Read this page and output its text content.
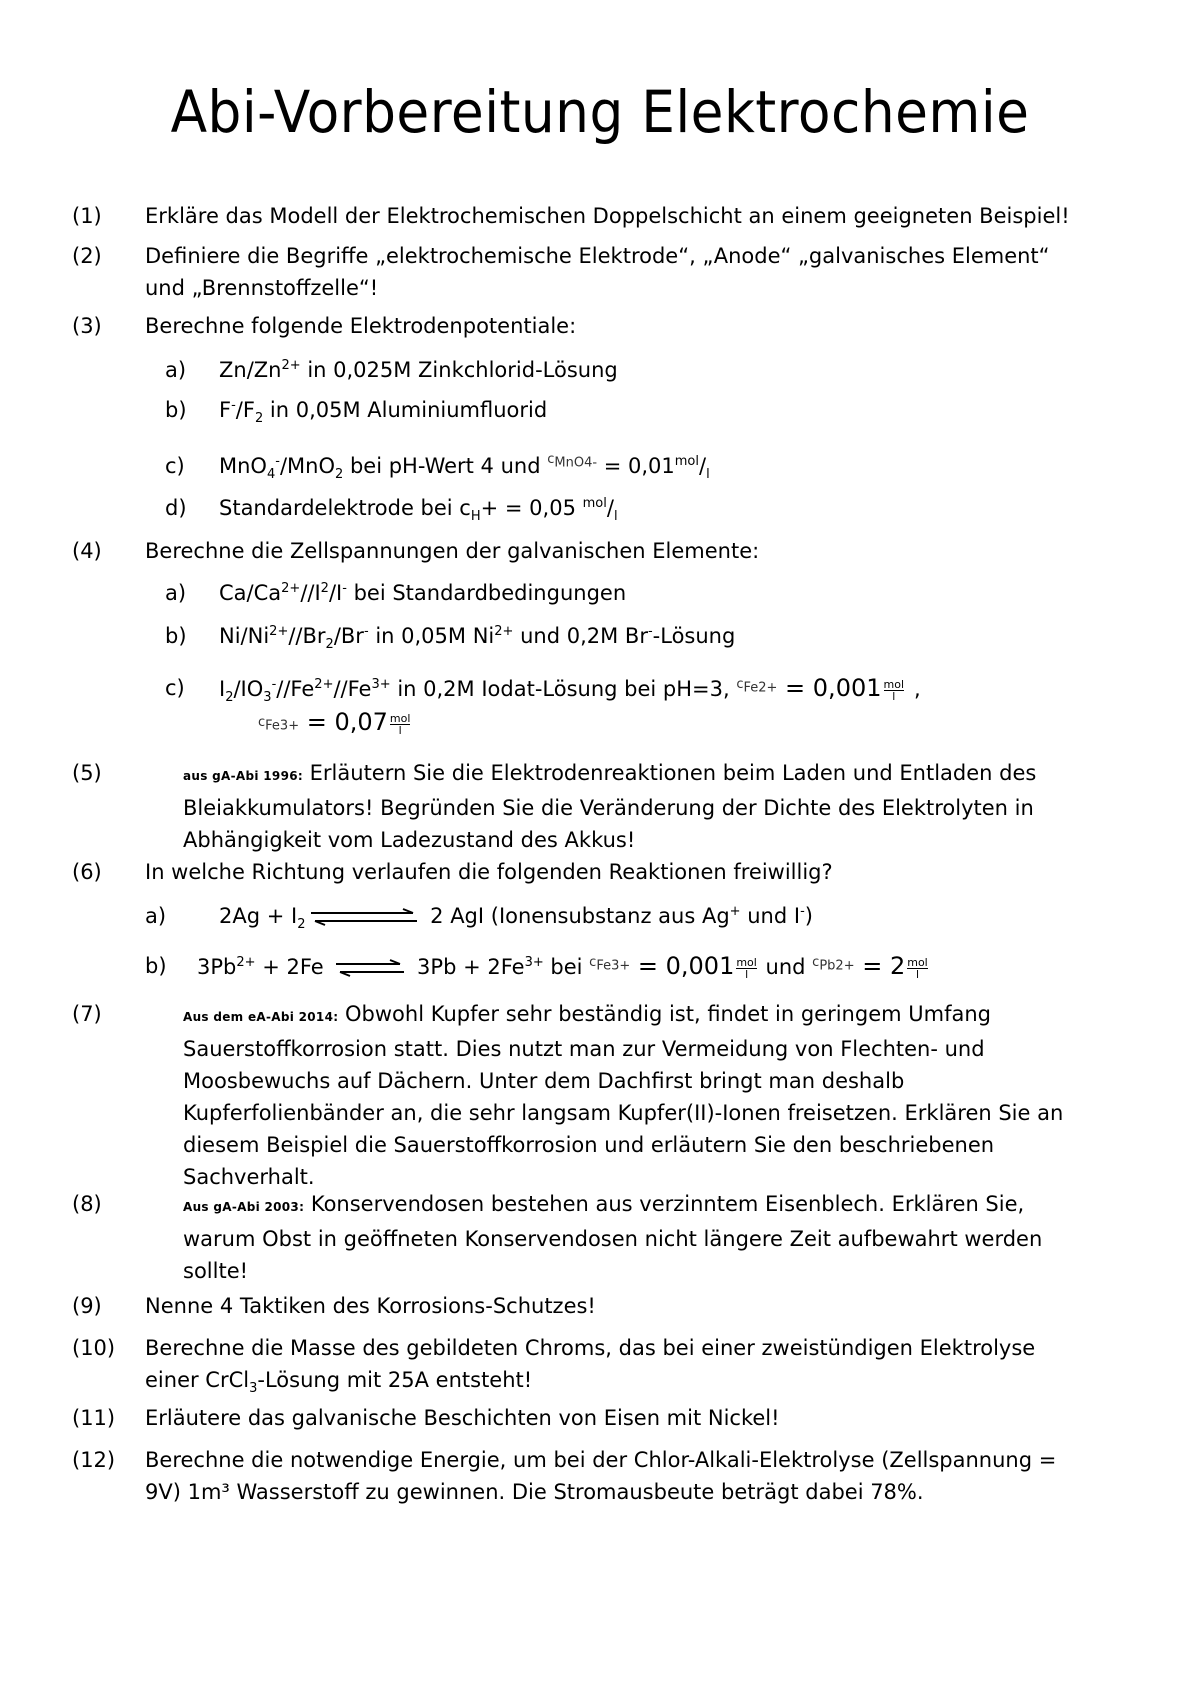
Abi-Vorbereitung Elektrochemie
(1) Erkläre das Modell der Elektrochemischen Doppelschicht an einem geeigneten Beispiel!
(2) Definiere die Begriffe „elektrochemische Elektrode“, „Anode“ „galvanisches Element“
und „Brennstoffzelle“!
(3) Berechne folgende Elektrodenpotentiale:
a) $Zn/Zn^{2+}$ in 0,025M Zinkchlorid-Lösung
b) $F^-/F_2$ in 0,05M Aluminiumfluorid
c) MnO$_4$-/MnO$_2$ bei pH-Wert 4 und $^{c_{MnO4-}} = 0,01^{mol}/_l$
d) Standardelektrode bei $c_H+ = 0,05$ $^{mol}/_l$
(4) Berechne die Zellspannungen der galvanischen Elemente:
a) $Ca/Ca^{2+}//I^2/I^-$ bei Standardbedingungen
b) $Ni/Ni^{2+}//Br_2/Br^-$ in 0,05M $Ni^{2+}$ und 0,2M Br--Lösung
c) $I_2/IO_3^-//Fe^{2+}//Fe^{3+}$ in 0,2M Iodat-Lösung bei pH=3, $^{c_{Fe2+}} = 0,001 \frac{\text{mol}}{l}$ ,
$c_{Fe3+} = 0,07 \frac{\text{mol}}{l}$
(5)	aus gA-Abi 1996: Erläutern Sie die Elektrodenreaktionen beim Laden und Entladen des
Bleiakkumulators! Begründen Sie die Veränderung der Dichte des Elektrolyten in
Abhängigkeit vom Ladezustand des Akkus!
(6) In welche Richtung verlaufen die folgenden Reaktionen freiwillig?
a)	$2Ag + I_2$	2 AgI (Ionensubstanz aus Ag+ und I-)
b) $3Pb^{2+} + 2Fe$ ⇌ $3Pb + 2Fe^{3+}$ bei $^{c_{Fe3+}} = 0,001 \frac{\text{mol}}{l}$ und $^{c_{Pb2+}} = 2 \frac{\text{mol}}{l}$
(7)	Aus dem eA-Abi 2014: Obwohl Kupfer sehr beständig ist, findet in geringem Umfang
Sauerstoffkorrosion statt. Dies nutzt man zur Vermeidung von Flechten- und
Moosbewuchs auf Dächern. Unter dem Dachfirst bringt man deshalb
Kupferfolienbänder an, die sehr langsam Kupfer(II)-Ionen freisetzen. Erklären Sie an
diesem Beispiel die Sauerstoffkorrosion und erläutern Sie den beschriebenen
Sachverhalt.
(8)	Aus gA-Abi 2003: Konservendosen bestehen aus verzinntem Eisenblech. Erklären Sie,
warum Obst in geöffneten Konservendosen nicht längere Zeit aufbewahrt werden
sollte!
(9) Nenne 4 Taktiken des Korrosions-Schutzes!
(10) Berechne die Masse des gebildeten Chroms, das bei einer zweistündigen Elektrolyse
einer CrCl$_3$-Lösung mit 25A entsteht!
(11) Erläutere das galvanische Beschichten von Eisen mit Nickel!
(12) Berechne die notwendige Energie, um bei der Chlor-Alkali-Elektrolyse (Zellspannung =
9V) 1m³ Wasserstoff zu gewinnen. Die Stromausbeute beträgt dabei 78%.
